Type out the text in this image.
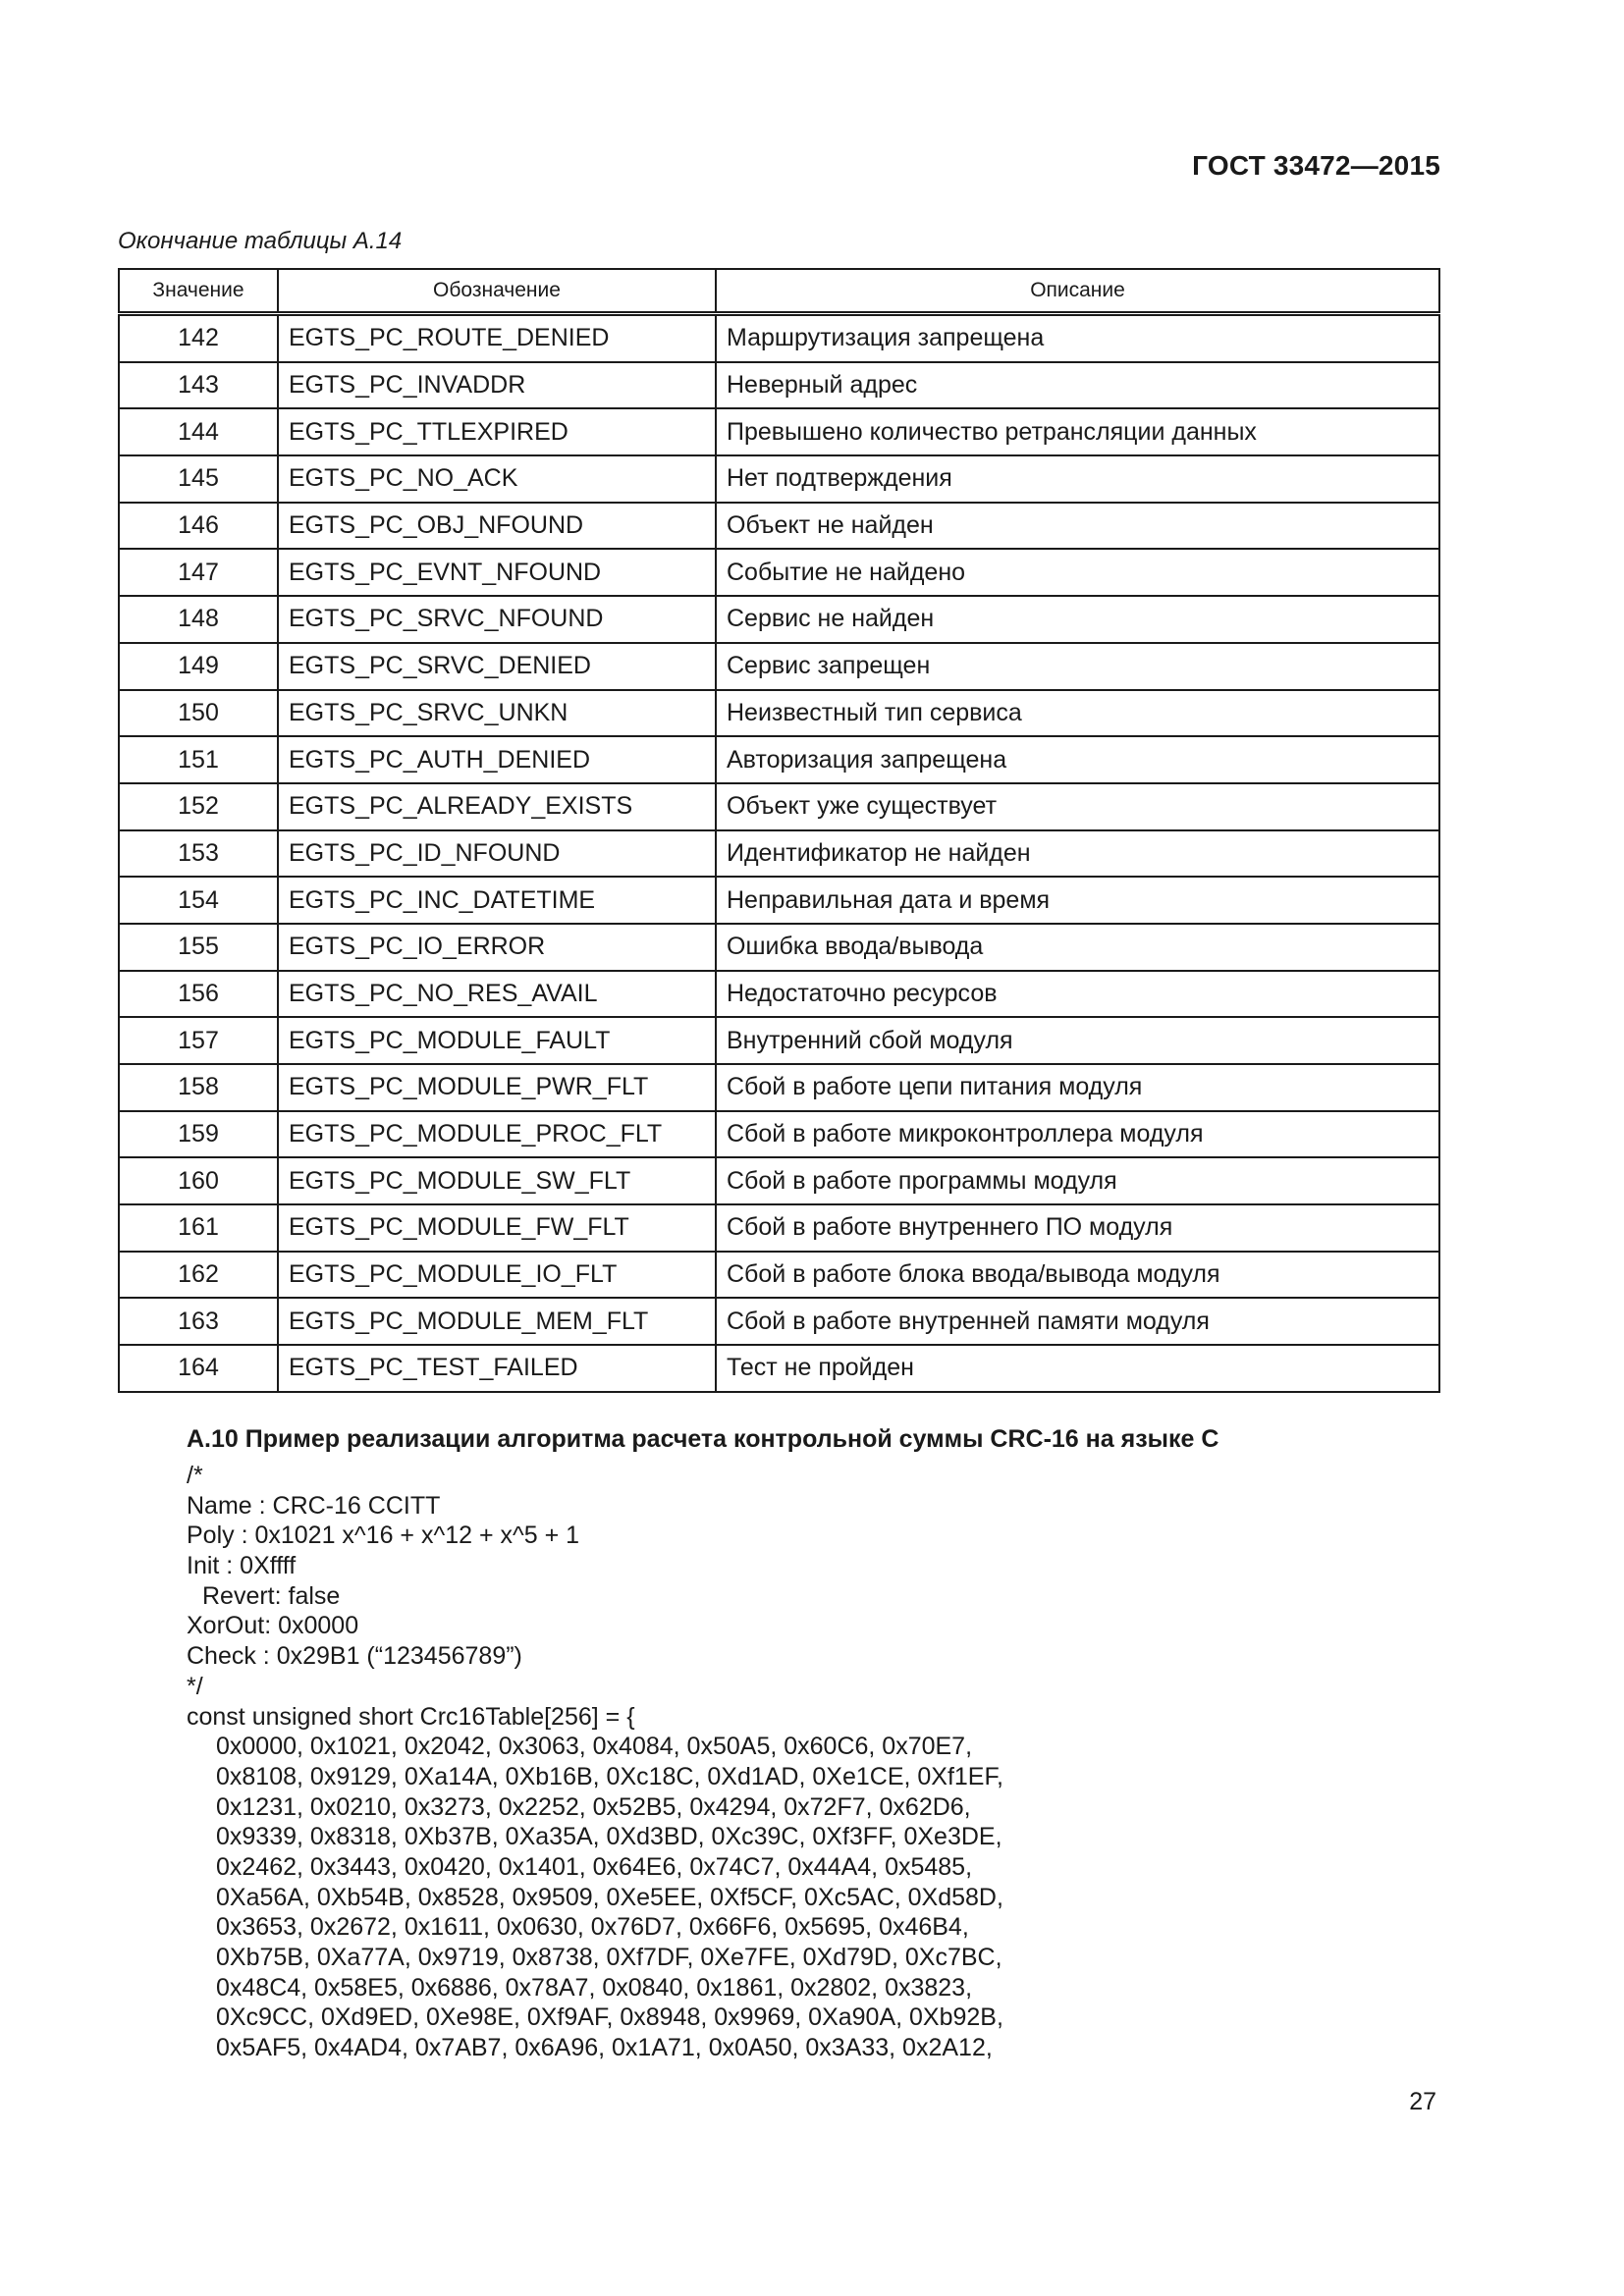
ГОСТ 33472—2015
Окончание таблицы А.14
Значение	Обозначение	Описание
142	EGTS_PC_ROUTE_DENIED	Маршрутизация запрещена
143	EGTS_PC_INVADDR	Неверный адрес
144	EGTS_PC_TTLEXPIRED	Превышено количество ретрансляции данных
145	EGTS_PC_NO_ACK	Нет подтверждения
146	EGTS_PC_OBJ_NFOUND	Объект не найден
147	EGTS_PC_EVNT_NFOUND	Событие не найдено
148	EGTS_PC_SRVC_NFOUND	Сервис не найден
149	EGTS_PC_SRVC_DENIED	Сервис запрещен
150	EGTS_PC_SRVC_UNKN	Неизвестный тип сервиса
151	EGTS_PC_AUTH_DENIED	Авторизация запрещена
152	EGTS_PC_ALREADY_EXISTS	Объект уже существует
153	EGTS_PC_ID_NFOUND	Идентификатор не найден
154	EGTS_PC_INC_DATETIME	Неправильная дата и время
155	EGTS_PC_IO_ERROR	Ошибка ввода/вывода
156	EGTS_PC_NO_RES_AVAIL	Недостаточно ресурсов
157	EGTS_PC_MODULE_FAULT	Внутренний сбой модуля
158	EGTS_PC_MODULE_PWR_FLT	Сбой в работе цепи питания модуля
159	EGTS_PC_MODULE_PROC_FLT	Сбой в работе микроконтроллера модуля
160	EGTS_PC_MODULE_SW_FLT	Сбой в работе программы модуля
161	EGTS_PC_MODULE_FW_FLT	Сбой в работе внутреннего ПО модуля
162	EGTS_PC_MODULE_IO_FLT	Сбой в работе блока ввода/вывода модуля
163	EGTS_PC_MODULE_MEM_FLT	Сбой в работе внутренней памяти модуля
164	EGTS_PC_TEST_FAILED	Тест не пройден
А.10 Пример реализации алгоритма расчета контрольной суммы CRC-16 на языке C
/*
Name : CRC-16 CCITT
Poly : 0x1021 x^16 + x^12 + x^5 + 1
Init : 0Xffff
Revert: false
XorOut: 0x0000
Check : 0x29B1 (“123456789”)
*/
const unsigned short Crc16Table[256] = {
0x0000, 0x1021, 0x2042, 0x3063, 0x4084, 0x50A5, 0x60C6, 0x70E7,
0x8108, 0x9129, 0Xa14A, 0Xb16B, 0Xc18C, 0Xd1AD, 0Xe1CE, 0Xf1EF,
0x1231, 0x0210, 0x3273, 0x2252, 0x52B5, 0x4294, 0x72F7, 0x62D6,
0x9339, 0x8318, 0Xb37B, 0Xa35A, 0Xd3BD, 0Xc39C, 0Xf3FF, 0Xe3DE,
0x2462, 0x3443, 0x0420, 0x1401, 0x64E6, 0x74C7, 0x44A4, 0x5485,
0Xa56A, 0Xb54B, 0x8528, 0x9509, 0Xe5EE, 0Xf5CF, 0Xc5AC, 0Xd58D,
0x3653, 0x2672, 0x1611, 0x0630, 0x76D7, 0x66F6, 0x5695, 0x46B4,
0Xb75B, 0Xa77A, 0x9719, 0x8738, 0Xf7DF, 0Xe7FE, 0Xd79D, 0Xc7BC,
0x48C4, 0x58E5, 0x6886, 0x78A7, 0x0840, 0x1861, 0x2802, 0x3823,
0Xc9CC, 0Xd9ED, 0Xe98E, 0Xf9AF, 0x8948, 0x9969, 0Xa90A, 0Xb92B,
0x5AF5, 0x4AD4, 0x7AB7, 0x6A96, 0x1A71, 0x0A50, 0x3A33, 0x2A12,
27
